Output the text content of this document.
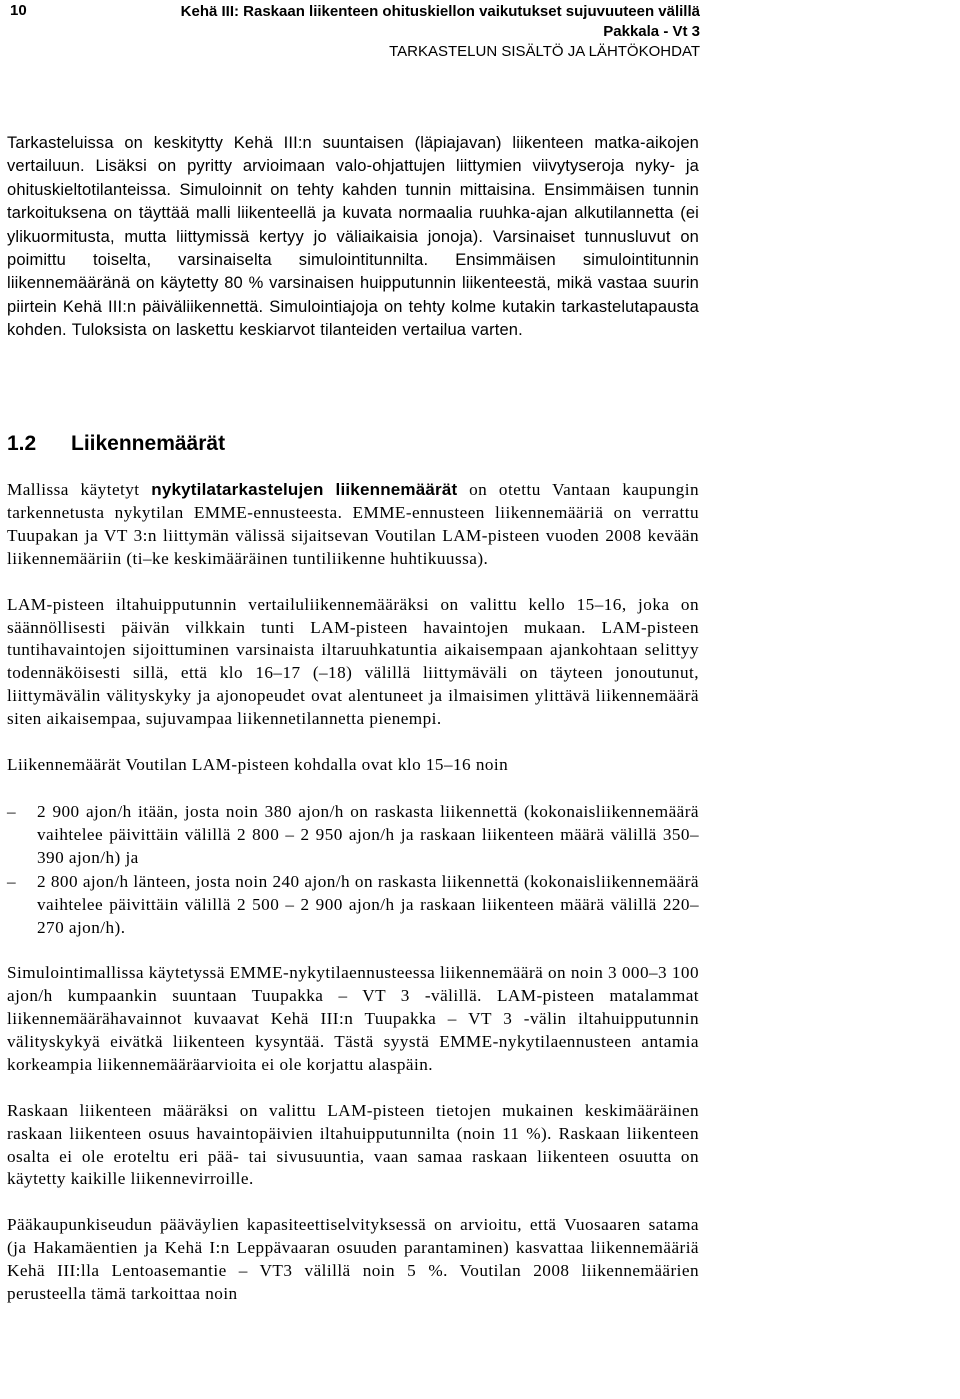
10	Kehä III: Raskaan liikenteen ohituskiellon vaikutukset sujuvuuteen välillä
Pakkala - Vt 3
TARKASTELUN SISÄLTÖ JA LÄHTÖKOHDAT

Tarkasteluissa on keskitytty Kehä III:n suuntaisen (läpiajavan) liikenteen matka-aikojen vertailuun. Lisäksi on pyritty arvioimaan valo-ohjattujen liittymien viivytyseroja nyky- ja ohituskieltotilanteissa. Simuloinnit on tehty kahden tunnin mittaisina. Ensimmäisen tunnin tarkoituksena on täyttää malli liikenteellä ja kuvata normaalia ruuhka-ajan alkutilannetta (ei ylikuormitusta, mutta liittymissä kertyy jo väliaikaisia jonoja). Varsinaiset tunnusluvut on poimittu toiselta, varsinaiselta simulointitunnilta. Ensimmäisen simulointitunnin liikennemääränä on käytetty 80 % varsinaisen huipputunnin liikenteestä, mikä vastaa suurin piirtein Kehä III:n päiväliikennettä. Simulointiajoja on tehty kolme kutakin tarkastelutapausta kohden. Tuloksista on laskettu keskiarvot tilanteiden vertailua varten.

1.2 Liikennemäärät

Mallissa käytetyt nykytilatarkastelujen liikennemäärät on otettu Vantaan kaupungin tarkennetusta nykytilan EMME-ennusteesta. EMME-ennusteen liikennemääriä on verrattu Tuupakan ja VT 3:n liittymän välissä sijaitsevan Voutilan LAM-pisteen vuoden 2008 kevään liikennemääriin (ti–ke keskimääräinen tuntiliikenne huhtikuussa).

LAM-pisteen iltahuipputunnin vertailuliikennemääräksi on valittu kello 15–16, joka on säännöllisesti päivän vilkkain tunti LAM-pisteen havaintojen mukaan. LAM-pisteen tuntihavaintojen sijoittuminen varsinaista iltaruuhkatuntia aikaisempaan ajankohtaan selittyy todennäköisesti sillä, että klo 16–17 (–18) välillä liittymäväli on täyteen jonoutunut, liittymävälin välityskyky ja ajonopeudet ovat alentuneet ja ilmaisimen ylittävä liikennemäärä siten aikaisempaa, sujuvampaa liikennetilannetta pienempi.

Liikennemäärät Voutilan LAM-pisteen kohdalla ovat klo 15–16 noin

–	2 900 ajon/h itään, josta noin 380 ajon/h on raskasta liikennettä (kokonaisliikennemäärä vaihtelee päivittäin välillä 2 800 – 2 950 ajon/h ja raskaan liikenteen määrä välillä 350–390 ajon/h) ja
–	2 800 ajon/h länteen, josta noin 240 ajon/h on raskasta liikennettä (kokonaisliikennemäärä vaihtelee päivittäin välillä 2 500 – 2 900 ajon/h ja raskaan liikenteen määrä välillä 220–270 ajon/h).

Simulointimallissa käytetyssä EMME-nykytilaennusteessa liikennemäärä on noin 3 000–3 100 ajon/h kumpaankin suuntaan Tuupakka – VT 3 -välillä. LAM-pisteen matalammat liikennemäärähavainnot kuvaavat Kehä III:n Tuupakka – VT 3 -välin iltahuipputunnin välityskykyä eivätkä liikenteen kysyntää. Tästä syystä EMME-nykytilaennusteen antamia korkeampia liikennemääräarvioita ei ole korjattu alaspäin.

Raskaan liikenteen määräksi on valittu LAM-pisteen tietojen mukainen keskimääräinen raskaan liikenteen osuus havaintopäivien iltahuipputunnilta (noin 11 %). Raskaan liikenteen osalta ei ole eroteltu eri pää- tai sivusuuntia, vaan samaa raskaan liikenteen osuutta on käytetty kaikille liikennevirroille.

Pääkaupunkiseudun pääväylien kapasiteettiselvityksessä on arvioitu, että Vuosaaren satama (ja Hakamäentien ja Kehä I:n Leppävaaran osuuden parantaminen) kasvattaa liikennemääriä Kehä III:lla Lentoasemantie – VT3 välillä noin 5 %. Voutilan 2008 liikennemäärien perusteella tämä tarkoittaa noin
